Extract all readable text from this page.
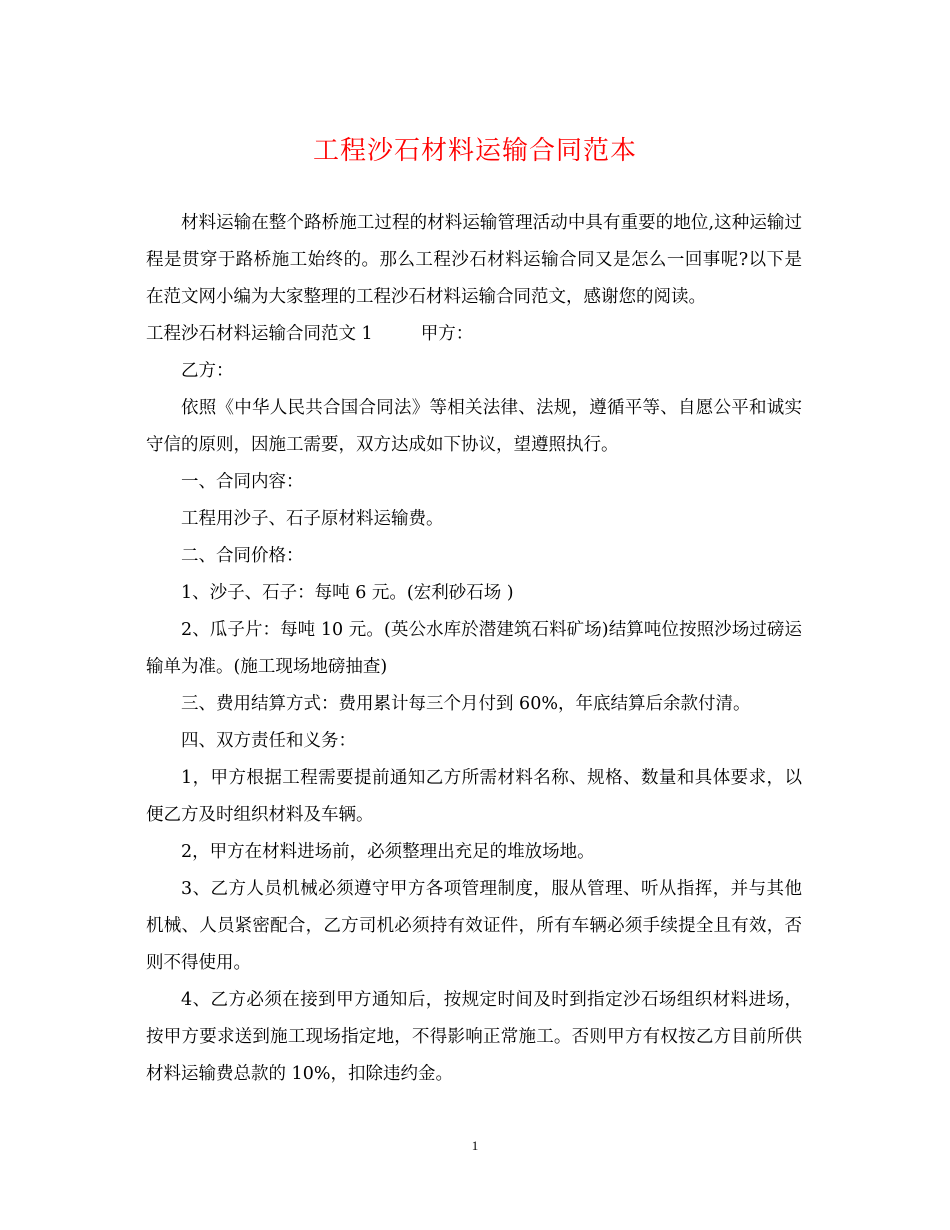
工程沙石材料运输合同范本

材料运输在整个路桥施工过程的材料运输管理活动中具有重要的地位,这种运输过程是贯穿于路桥施工始终的。那么工程沙石材料运输合同又是怎么一回事呢?以下是在范文网小编为大家整理的工程沙石材料运输合同范文，感谢您的阅读。

工程沙石材料运输合同范文 1	甲方：

乙方：

依照《中华人民共合国合同法》等相关法律、法规，遵循平等、自愿公平和诚实守信的原则，因施工需要，双方达成如下协议，望遵照执行。

一、合同内容：

工程用沙子、石子原材料运输费。

二、合同价格：

1、沙子、石子：每吨 6 元。(宏利砂石场 )

2、瓜子片：每吨 10 元。(英公水库於潜建筑石料矿场)结算吨位按照沙场过磅运输单为准。(施工现场地磅抽查)

三、费用结算方式：费用累计每三个月付到 60%，年底结算后余款付清。

四、双方责任和义务：

1，甲方根据工程需要提前通知乙方所需材料名称、规格、数量和具体要求，以便乙方及时组织材料及车辆。

2，甲方在材料进场前，必须整理出充足的堆放场地。

3、乙方人员机械必须遵守甲方各项管理制度，服从管理、听从指挥，并与其他机械、人员紧密配合，乙方司机必须持有效证件，所有车辆必须手续提全且有效，否则不得使用。

4、乙方必须在接到甲方通知后，按规定时间及时到指定沙石场组织材料进场，按甲方要求送到施工现场指定地，不得影响正常施工。否则甲方有权按乙方目前所供材料运输费总款的 10%，扣除违约金。

1
